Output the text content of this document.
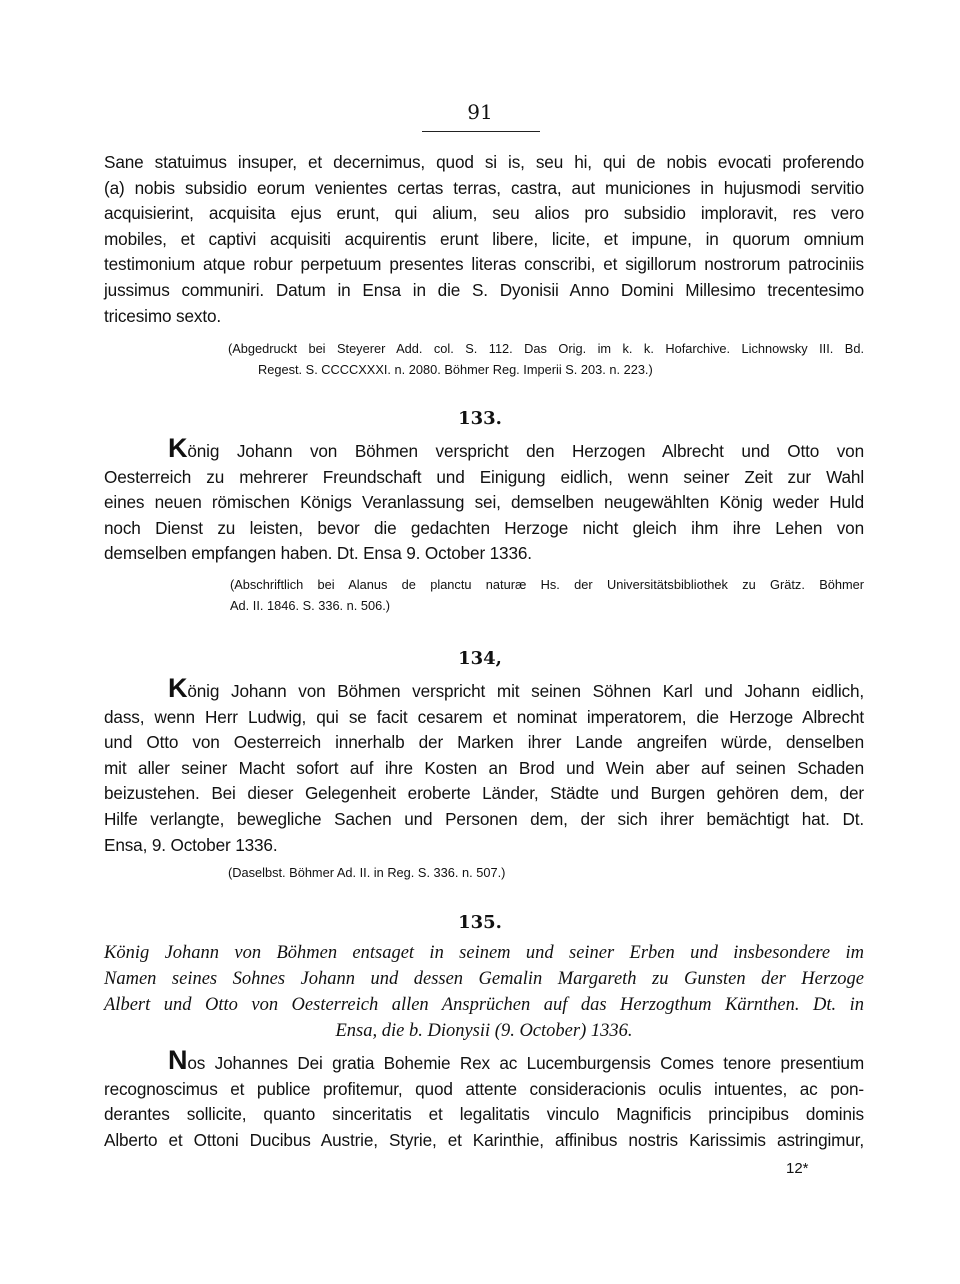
91
Sane statuimus insuper, et decernimus, quod si is, seu hi, qui de nobis evocati proferendo
(a) nobis subsidio eorum venientes certas terras, castra, aut municiones in hujusmodi servitio
acquisierint, acquisita ejus erunt, qui alium, seu alios pro subsidio imploravit, res vero
mobiles, et captivi acquisiti acquirentis erunt libere, licite, et impune, in quorum omnium
testimonium atque robur perpetuum presentes literas conscribi, et sigillorum nostrorum patrociniis
jussimus communiri. Datum in Ensa in die S. Dyonisii Anno Domini Millesimo trecentesimo
tricesimo sexto.
(Abgedruckt bei Steyerer Add. col. S. 112. Das Orig. im k. k. Hofarchive. Lichnowsky III. Bd.
Regest. S. CCCCXXXI. n. 2080. Böhmer Reg. Imperii S. 203. n. 223.)
133.
König Johann von Böhmen verspricht den Herzogen Albrecht und Otto von
Oesterreich zu mehrerer Freundschaft und Einigung eidlich, wenn seiner Zeit zur Wahl
eines neuen römischen Königs Veranlassung sei, demselben neugewählten König weder Huld
noch Dienst zu leisten, bevor die gedachten Herzoge nicht gleich ihm ihre Lehen von
demselben empfangen haben. Dt. Ensa 9. October 1336.
(Abschriftlich bei Alanus de planctu naturæ Hs. der Universitätsbibliothek zu Grätz. Böhmer
Ad. II. 1846. S. 336. n. 506.)
134,
König Johann von Böhmen verspricht mit seinen Söhnen Karl und Johann eidlich,
dass, wenn Herr Ludwig, qui se facit cesarem et nominat imperatorem, die Herzoge Albrecht
und Otto von Oesterreich innerhalb der Marken ihrer Lande angreifen würde, denselben
mit aller seiner Macht sofort auf ihre Kosten an Brod und Wein aber auf seinen Schaden
beizustehen. Bei dieser Gelegenheit eroberte Länder, Städte und Burgen gehören dem, der
Hilfe verlangte, bewegliche Sachen und Personen dem, der sich ihrer bemächtigt hat. Dt.
Ensa, 9. October 1336.
(Daselbst. Böhmer Ad. II. in Reg. S. 336. n. 507.)
135.
König Johann von Böhmen entsaget in seinem und seiner Erben und insbesondere im
Namen seines Sohnes Johann und dessen Gemalin Margareth zu Gunsten der Herzoge
Albert und Otto von Oesterreich allen Ansprüchen auf das Herzogthum Kärnthen. Dt. in
Ensa, die b. Dionysii (9. October) 1336.
Nos Johannes Dei gratia Bohemie Rex ac Lucemburgensis Comes tenore presentium
recognoscimus et publice profitemur, quod attente consideracionis oculis intuentes, ac pon-
derantes sollicite, quanto sinceritatis et legalitatis vinculo Magnificis principibus dominis
Alberto et Ottoni Ducibus Austrie, Styrie, et Karinthie, affinibus nostris Karissimis astringimur,
12*
